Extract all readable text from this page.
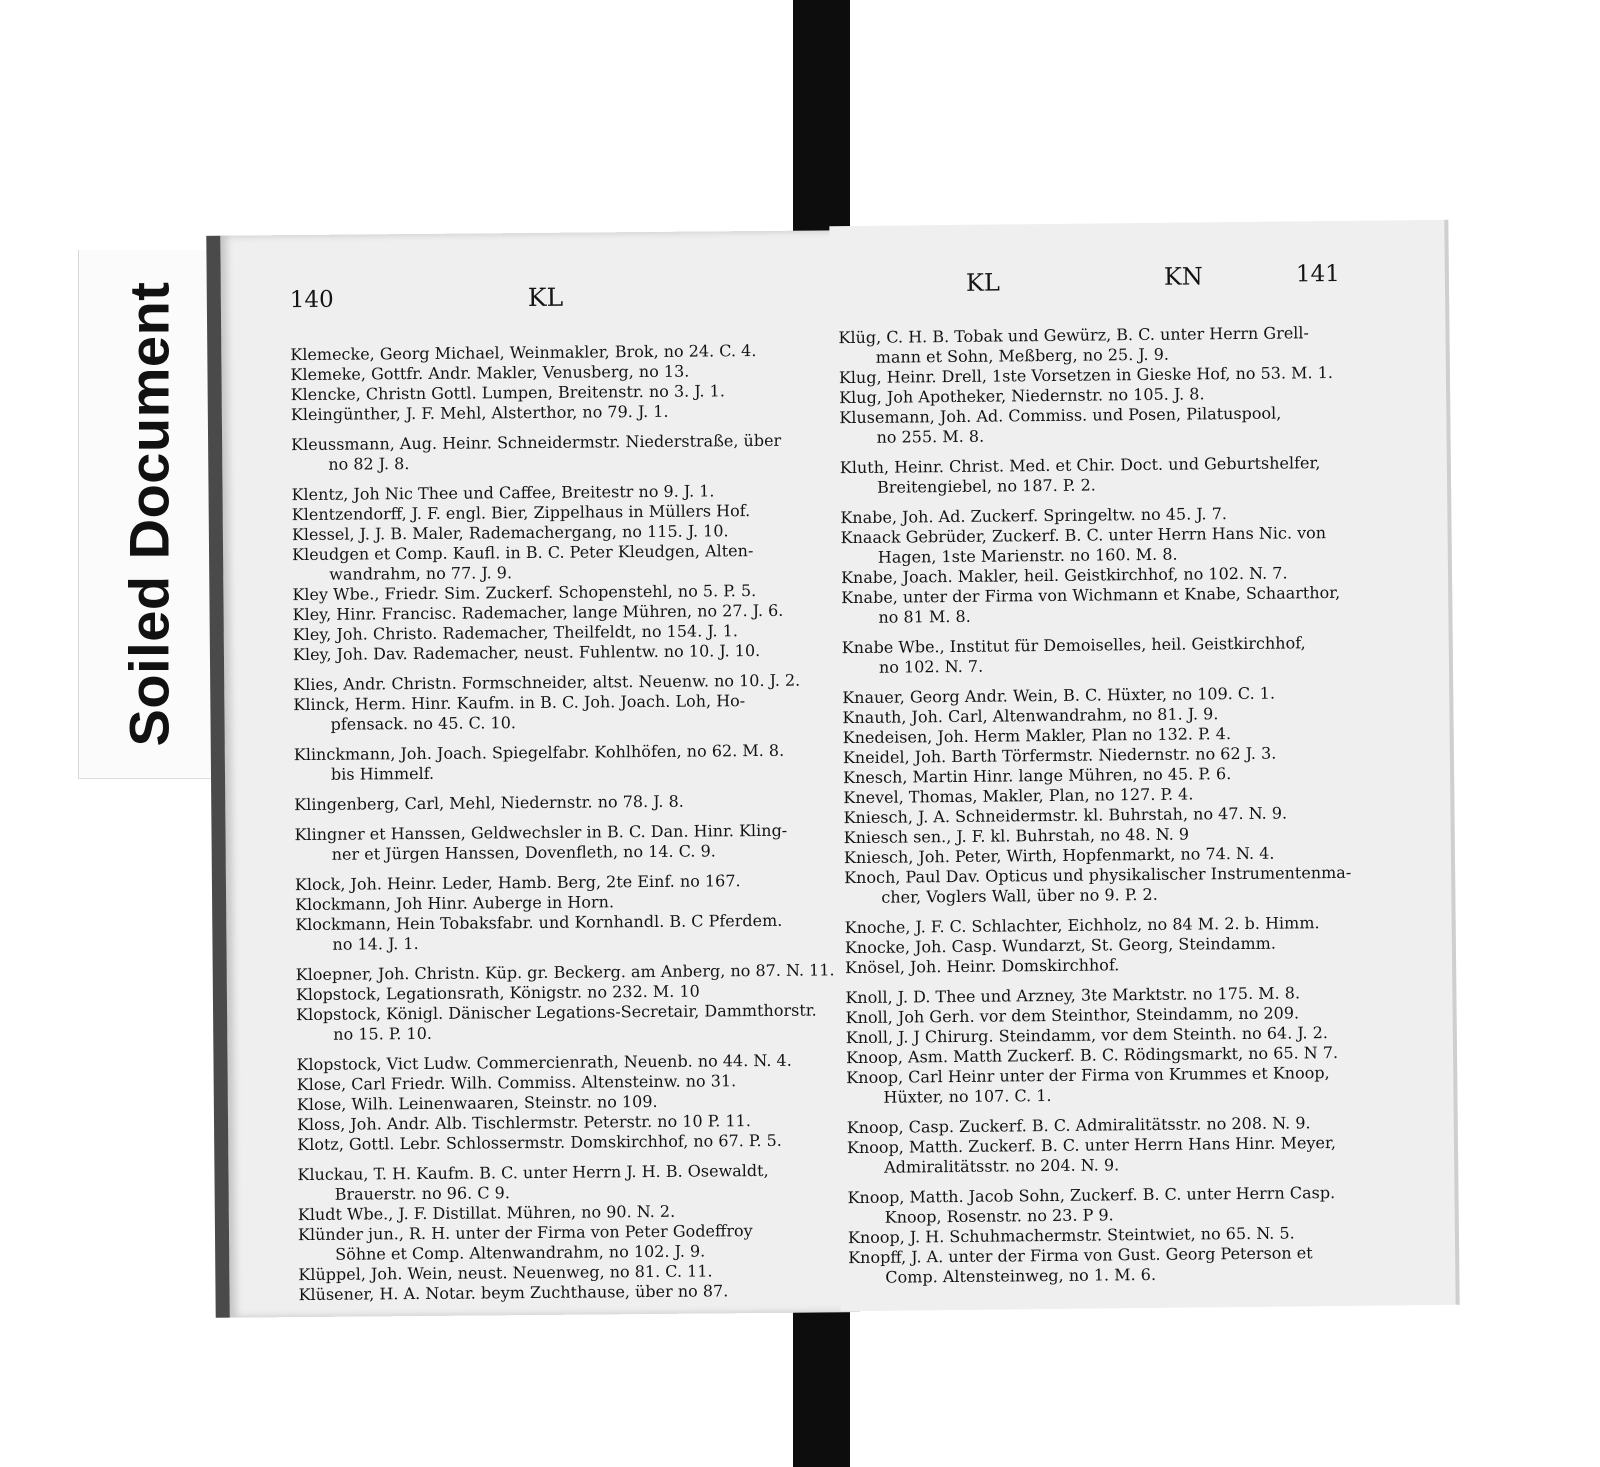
Soiled Document	140	KL
Klemecke, Georg Michael, Weinmakler, Brok, no 24. C. 4.
Klemeke, Gottfr. Andr. Makler, Venusberg, no 13.
Klencke, Christn Gottl. Lumpen, Breitenstr. no 3. J. 1.
Kleingünther, J. F. Mehl, Alsterthor, no 79. J. 1.
Kleussmann, Aug. Heinr. Schneidermstr. Niederstraße, über
no 82 J. 8.
Klentz, Joh Nic Thee und Caffee, Breitestr no 9. J. 1.
Klentzendorff, J. F. engl. Bier, Zippelhaus in Müllers Hof.
Klessel, J. J. B. Maler, Rademachergang, no 115. J. 10.
Kleudgen et Comp. Kaufl. in B. C. Peter Kleudgen, Alten-
wandrahm, no 77. J. 9.
Kley Wbe., Friedr. Sim. Zuckerf. Schopenstehl, no 5. P. 5.
Kley, Hinr. Francisc. Rademacher, lange Mühren, no 27. J. 6.
Kley, Joh. Christo. Rademacher, Theilfeldt, no 154. J. 1.
Kley, Joh. Dav. Rademacher, neust. Fuhlentw. no 10. J. 10.
Klies, Andr. Christn. Formschneider, altst. Neuenw. no 10. J. 2.
Klinck, Herm. Hinr. Kaufm. in B. C. Joh. Joach. Loh, Ho-
pfensack. no 45. C. 10.
Klinckmann, Joh. Joach. Spiegelfabr. Kohlhöfen, no 62. M. 8.
bis Himmelf.
Klingenberg, Carl, Mehl, Niedernstr. no 78. J. 8.
Klingner et Hanssen, Geldwechsler in B. C. Dan. Hinr. Kling-
ner et Jürgen Hanssen, Dovenfleth, no 14. C. 9.
Klock, Joh. Heinr. Leder, Hamb. Berg, 2te Einf. no 167.
Klockmann, Joh Hinr. Auberge in Horn.
Klockmann, Hein Tobaksfabr. und Kornhandl. B. C Pferdem.
no 14. J. 1.
Kloepner, Joh. Christn. Küp. gr. Beckerg. am Anberg, no 87. N. 11.
Klopstock, Legationsrath, Königstr. no 232. M. 10
Klopstock, Königl. Dänischer Legations-Secretair, Dammthorstr.
no 15. P. 10.
Klopstock, Vict Ludw. Commercienrath, Neuenb. no 44. N. 4.
Klose, Carl Friedr. Wilh. Commiss. Altensteinw. no 31.
Klose, Wilh. Leinenwaaren, Steinstr. no 109.
Kloss, Joh. Andr. Alb. Tischlermstr. Peterstr. no 10 P. 11.
Klotz, Gottl. Lebr. Schlossermstr. Domskirchhof, no 67. P. 5.
Kluckau, T. H. Kaufm. B. C. unter Herrn J. H. B. Osewaldt,
Brauerstr. no 96. C 9.
Kludt Wbe., J. F. Distillat. Mühren, no 90. N. 2.
Klünder jun., R. H. unter der Firma von Peter Godeffroy
Söhne et Comp. Altenwandrahm, no 102. J. 9.
Klüppel, Joh. Wein, neust. Neuenweg, no 81. C. 11.
Klüsener, H. A. Notar. beym Zuchthause, über no 87.
KL	KN	141
Klüg, C. H. B. Tobak und Gewürz, B. C. unter Herrn Grell-
mann et Sohn, Meßberg, no 25. J. 9.
Klug, Heinr. Drell, 1ste Vorsetzen in Gieske Hof, no 53. M. 1.
Klug, Joh Apotheker, Niedernstr. no 105. J. 8.
Klusemann, Joh. Ad. Commiss. und Posen, Pilatuspool,
no 255. M. 8.
Kluth, Heinr. Christ. Med. et Chir. Doct. und Geburtshelfer,
Breitengiebel, no 187. P. 2.
Knabe, Joh. Ad. Zuckerf. Springeltw. no 45. J. 7.
Knaack Gebrüder, Zuckerf. B. C. unter Herrn Hans Nic. von
Hagen, 1ste Marienstr. no 160. M. 8.
Knabe, Joach. Makler, heil. Geistkirchhof, no 102. N. 7.
Knabe, unter der Firma von Wichmann et Knabe, Schaarthor,
no 81 M. 8.
Knabe Wbe., Institut für Demoiselles, heil. Geistkirchhof,
no 102. N. 7.
Knauer, Georg Andr. Wein, B. C. Hüxter, no 109. C. 1.
Knauth, Joh. Carl, Altenwandrahm, no 81. J. 9.
Knedeisen, Joh. Herm Makler, Plan no 132. P. 4.
Kneidel, Joh. Barth Törfermstr. Niedernstr. no 62 J. 3.
Knesch, Martin Hinr. lange Mühren, no 45. P. 6.
Knevel, Thomas, Makler, Plan, no 127. P. 4.
Kniesch, J. A. Schneidermstr. kl. Buhrstah, no 47. N. 9.
Kniesch sen., J. F. kl. Buhrstah, no 48. N. 9
Kniesch, Joh. Peter, Wirth, Hopfenmarkt, no 74. N. 4.
Knoch, Paul Dav. Opticus und physikalischer Instrumentenma-
cher, Voglers Wall, über no 9. P. 2.
Knoche, J. F. C. Schlachter, Eichholz, no 84 M. 2. b. Himm.
Knocke, Joh. Casp. Wundarzt, St. Georg, Steindamm.
Knösel, Joh. Heinr. Domskirchhof.
Knoll, J. D. Thee und Arzney, 3te Marktstr. no 175. M. 8.
Knoll, Joh Gerh. vor dem Steinthor, Steindamm, no 209.
Knoll, J. J Chirurg. Steindamm, vor dem Steinth. no 64. J. 2.
Knoop, Asm. Matth Zuckerf. B. C. Rödingsmarkt, no 65. N 7.
Knoop, Carl Heinr unter der Firma von Krummes et Knoop,
Hüxter, no 107. C. 1.
Knoop, Casp. Zuckerf. B. C. Admiralitätsstr. no 208. N. 9.
Knoop, Matth. Zuckerf. B. C. unter Herrn Hans Hinr. Meyer,
Admiralitätsstr. no 204. N. 9.
Knoop, Matth. Jacob Sohn, Zuckerf. B. C. unter Herrn Casp.
Knoop, Rosenstr. no 23. P 9.
Knoop, J. H. Schuhmachermstr. Steintwiet, no 65. N. 5.
Knopff, J. A. unter der Firma von Gust. Georg Peterson et
Comp. Altensteinweg, no 1. M. 6.
